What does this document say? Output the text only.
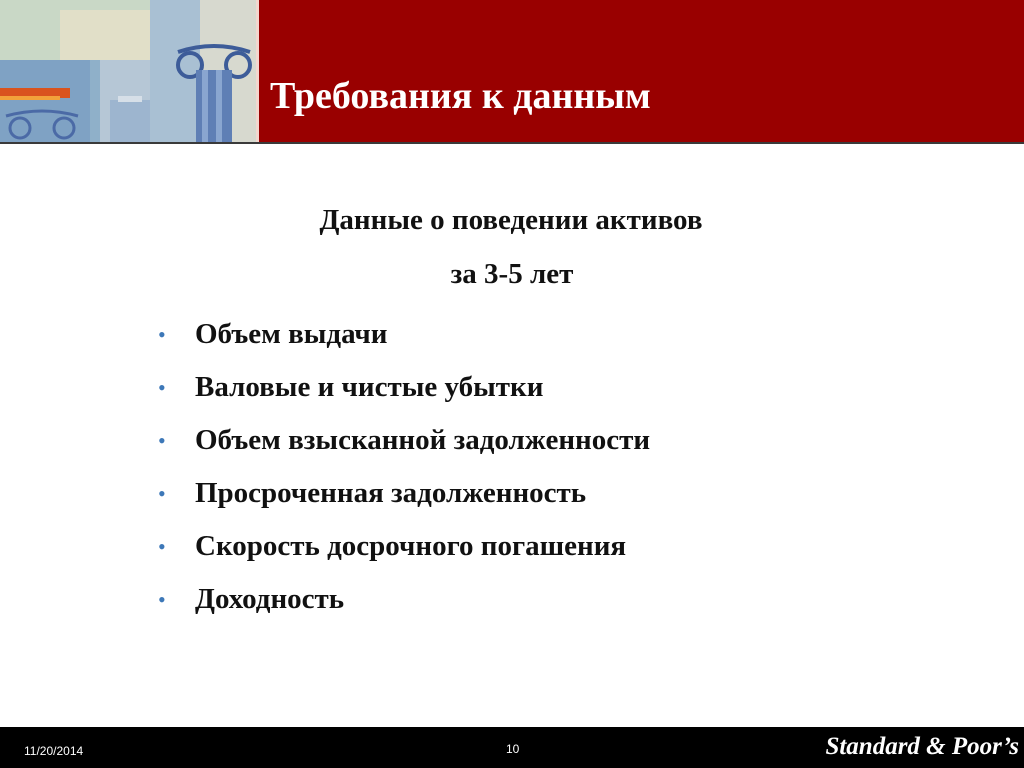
Требования к данным

Данные о поведении активов

за 3-5 лет

•	Объем выдачи
•	Валовые и чистые убытки
•	Объем взысканной задолженности
•	Просроченная задолженность
•	Скорость досрочного погашения
•	Доходность
11/20/2014	10	Standard & Poor’s
